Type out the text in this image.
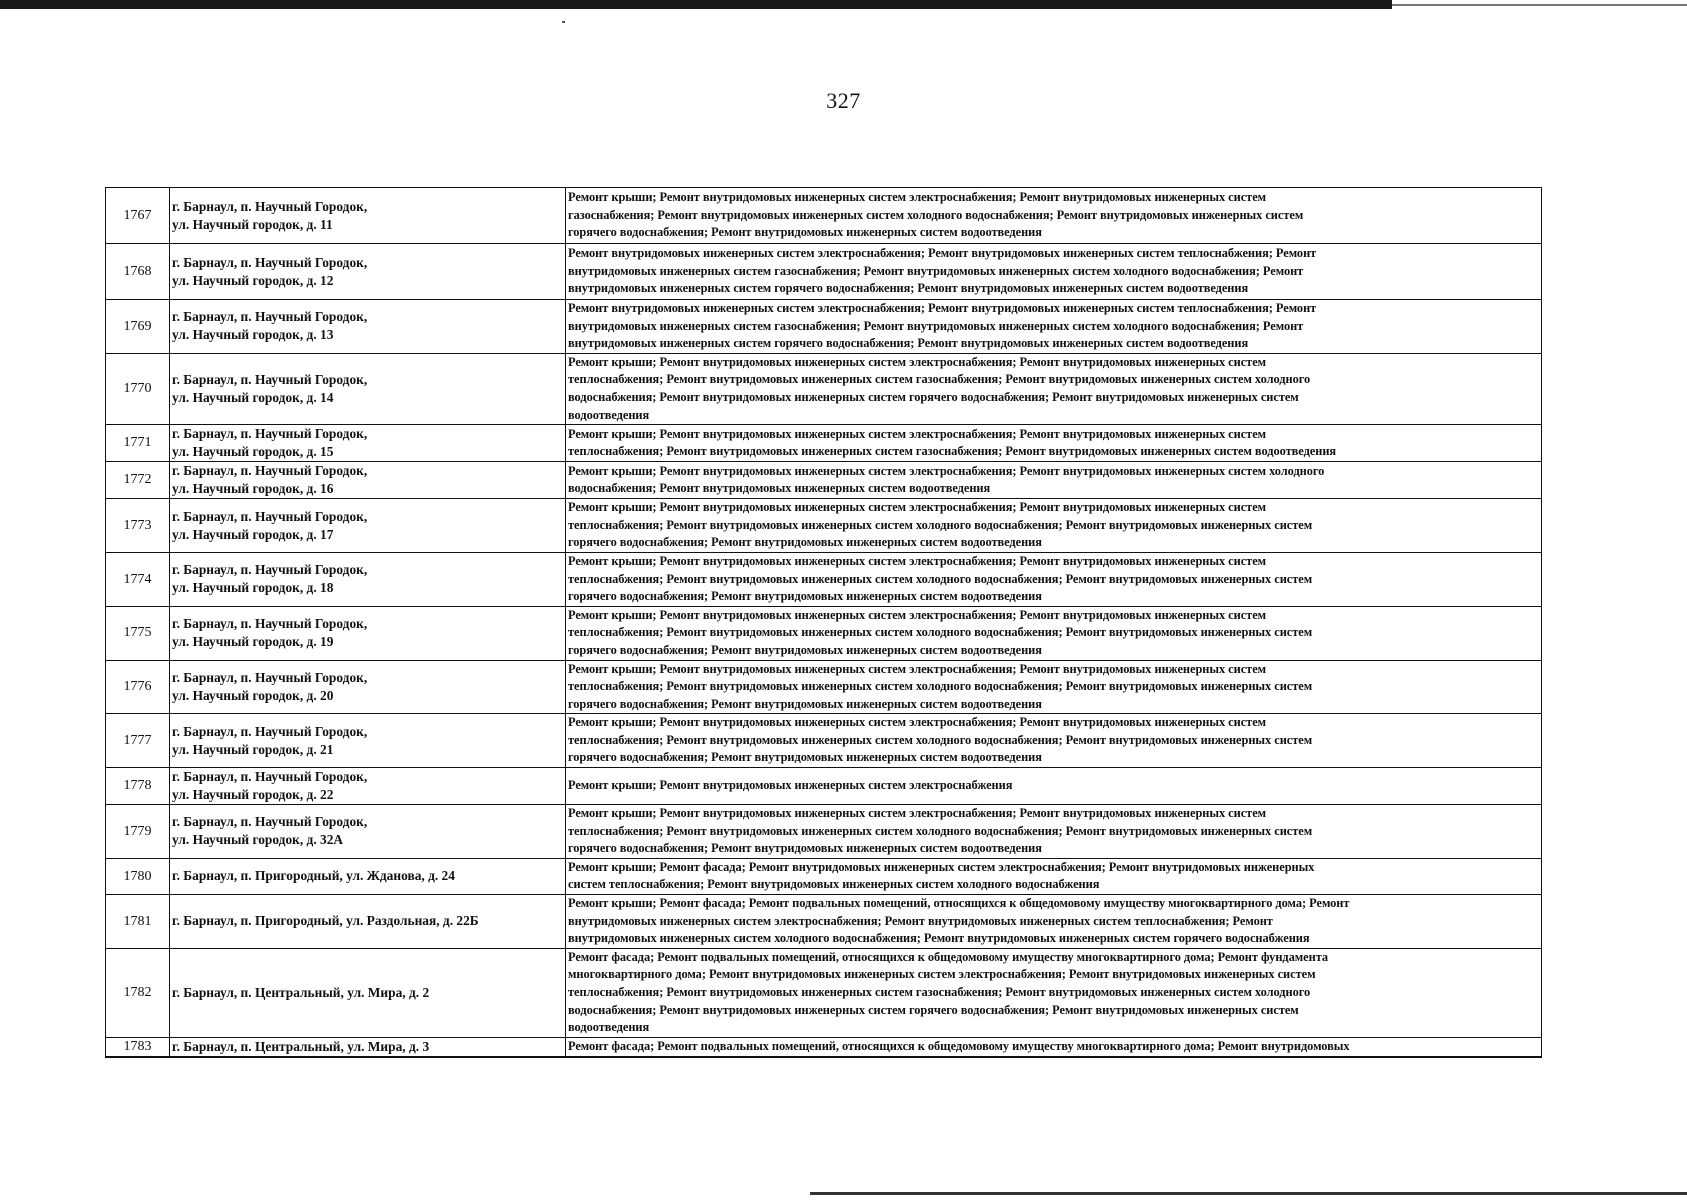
327
1767	г. Барнаул, п. Научный Городок,
ул. Научный городок, д. 11	Ремонт крыши; Ремонт внутридомовых инженерных систем электроснабжения; Ремонт внутридомовых инженерных систем
газоснабжения; Ремонт внутридомовых инженерных систем холодного водоснабжения; Ремонт внутридомовых инженерных систем
горячего водоснабжения; Ремонт внутридомовых инженерных систем водоотведения

1768	г. Барнаул, п. Научный Городок,
ул. Научный городок, д. 12	Ремонт внутридомовых инженерных систем электроснабжения; Ремонт внутридомовых инженерных систем теплоснабжения; Ремонт
внутридомовых инженерных систем газоснабжения; Ремонт внутридомовых инженерных систем холодного водоснабжения; Ремонт
внутридомовых инженерных систем горячего водоснабжения; Ремонт внутридомовых инженерных систем водоотведения

1769	г. Барнаул, п. Научный Городок,
ул. Научный городок, д. 13	Ремонт внутридомовых инженерных систем электроснабжения; Ремонт внутридомовых инженерных систем теплоснабжения; Ремонт
внутридомовых инженерных систем газоснабжения; Ремонт внутридомовых инженерных систем холодного водоснабжения; Ремонт
внутридомовых инженерных систем горячего водоснабжения; Ремонт внутридомовых инженерных систем водоотведения

1770	г. Барнаул, п. Научный Городок,
ул. Научный городок, д. 14	Ремонт крыши; Ремонт внутридомовых инженерных систем электроснабжения; Ремонт внутридомовых инженерных систем
теплоснабжения; Ремонт внутридомовых инженерных систем газоснабжения; Ремонт внутридомовых инженерных систем холодного
водоснабжения; Ремонт внутридомовых инженерных систем горячего водоснабжения; Ремонт внутридомовых инженерных систем
водоотведения

1771	г. Барнаул, п. Научный Городок,
ул. Научный городок, д. 15	Ремонт крыши; Ремонт внутридомовых инженерных систем электроснабжения; Ремонт внутридомовых инженерных систем
теплоснабжения; Ремонт внутридомовых инженерных систем газоснабжения; Ремонт внутридомовых инженерных систем водоотведения

1772	г. Барнаул, п. Научный Городок,
ул. Научный городок, д. 16	Ремонт крыши; Ремонт внутридомовых инженерных систем электроснабжения; Ремонт внутридомовых инженерных систем холодного
водоснабжения; Ремонт внутридомовых инженерных систем водоотведения

1773	г. Барнаул, п. Научный Городок,
ул. Научный городок, д. 17	Ремонт крыши; Ремонт внутридомовых инженерных систем электроснабжения; Ремонт внутридомовых инженерных систем
теплоснабжения; Ремонт внутридомовых инженерных систем холодного водоснабжения; Ремонт внутридомовых инженерных систем
горячего водоснабжения; Ремонт внутридомовых инженерных систем водоотведения

1774	г. Барнаул, п. Научный Городок,
ул. Научный городок, д. 18	Ремонт крыши; Ремонт внутридомовых инженерных систем электроснабжения; Ремонт внутридомовых инженерных систем
теплоснабжения; Ремонт внутридомовых инженерных систем холодного водоснабжения; Ремонт внутридомовых инженерных систем
горячего водоснабжения; Ремонт внутридомовых инженерных систем водоотведения

1775	г. Барнаул, п. Научный Городок,
ул. Научный городок, д. 19	Ремонт крыши; Ремонт внутридомовых инженерных систем электроснабжения; Ремонт внутридомовых инженерных систем
теплоснабжения; Ремонт внутридомовых инженерных систем холодного водоснабжения; Ремонт внутридомовых инженерных систем
горячего водоснабжения; Ремонт внутридомовых инженерных систем водоотведения

1776	г. Барнаул, п. Научный Городок,
ул. Научный городок, д. 20	Ремонт крыши; Ремонт внутридомовых инженерных систем электроснабжения; Ремонт внутридомовых инженерных систем
теплоснабжения; Ремонт внутридомовых инженерных систем холодного водоснабжения; Ремонт внутридомовых инженерных систем
горячего водоснабжения; Ремонт внутридомовых инженерных систем водоотведения

1777	г. Барнаул, п. Научный Городок,
ул. Научный городок, д. 21	Ремонт крыши; Ремонт внутридомовых инженерных систем электроснабжения; Ремонт внутридомовых инженерных систем
теплоснабжения; Ремонт внутридомовых инженерных систем холодного водоснабжения; Ремонт внутридомовых инженерных систем
горячего водоснабжения; Ремонт внутридомовых инженерных систем водоотведения

1778	г. Барнаул, п. Научный Городок,
ул. Научный городок, д. 22	Ремонт крыши; Ремонт внутридомовых инженерных систем электроснабжения

1779	г. Барнаул, п. Научный Городок,
ул. Научный городок, д. 32А	Ремонт крыши; Ремонт внутридомовых инженерных систем электроснабжения; Ремонт внутридомовых инженерных систем
теплоснабжения; Ремонт внутридомовых инженерных систем холодного водоснабжения; Ремонт внутридомовых инженерных систем
горячего водоснабжения; Ремонт внутридомовых инженерных систем водоотведения

1780	г. Барнаул, п. Пригородный, ул. Жданова, д. 24	Ремонт крыши; Ремонт фасада; Ремонт внутридомовых инженерных систем электроснабжения; Ремонт внутридомовых инженерных
систем теплоснабжения; Ремонт внутридомовых инженерных систем холодного водоснабжения

1781	г. Барнаул, п. Пригородный, ул. Раздольная, д. 22Б	Ремонт крыши; Ремонт фасада; Ремонт подвальных помещений, относящихся к общедомовому имуществу многоквартирного дома; Ремонт
внутридомовых инженерных систем электроснабжения; Ремонт внутридомовых инженерных систем теплоснабжения; Ремонт
внутридомовых инженерных систем холодного водоснабжения; Ремонт внутридомовых инженерных систем горячего водоснабжения

1782	г. Барнаул, п. Центральный, ул. Мира, д. 2	Ремонт фасада; Ремонт подвальных помещений, относящихся к общедомовому имуществу многоквартирного дома; Ремонт фундамента
многоквартирного дома; Ремонт внутридомовых инженерных систем электроснабжения; Ремонт внутридомовых инженерных систем
теплоснабжения; Ремонт внутридомовых инженерных систем газоснабжения; Ремонт внутридомовых инженерных систем холодного
водоснабжения; Ремонт внутридомовых инженерных систем горячего водоснабжения; Ремонт внутридомовых инженерных систем
водоотведения

1783	г. Барнаул, п. Центральный, ул. Мира, д. 3	Ремонт фасада; Ремонт подвальных помещений, относящихся к общедомовому имуществу многоквартирного дома; Ремонт внутридомовых
